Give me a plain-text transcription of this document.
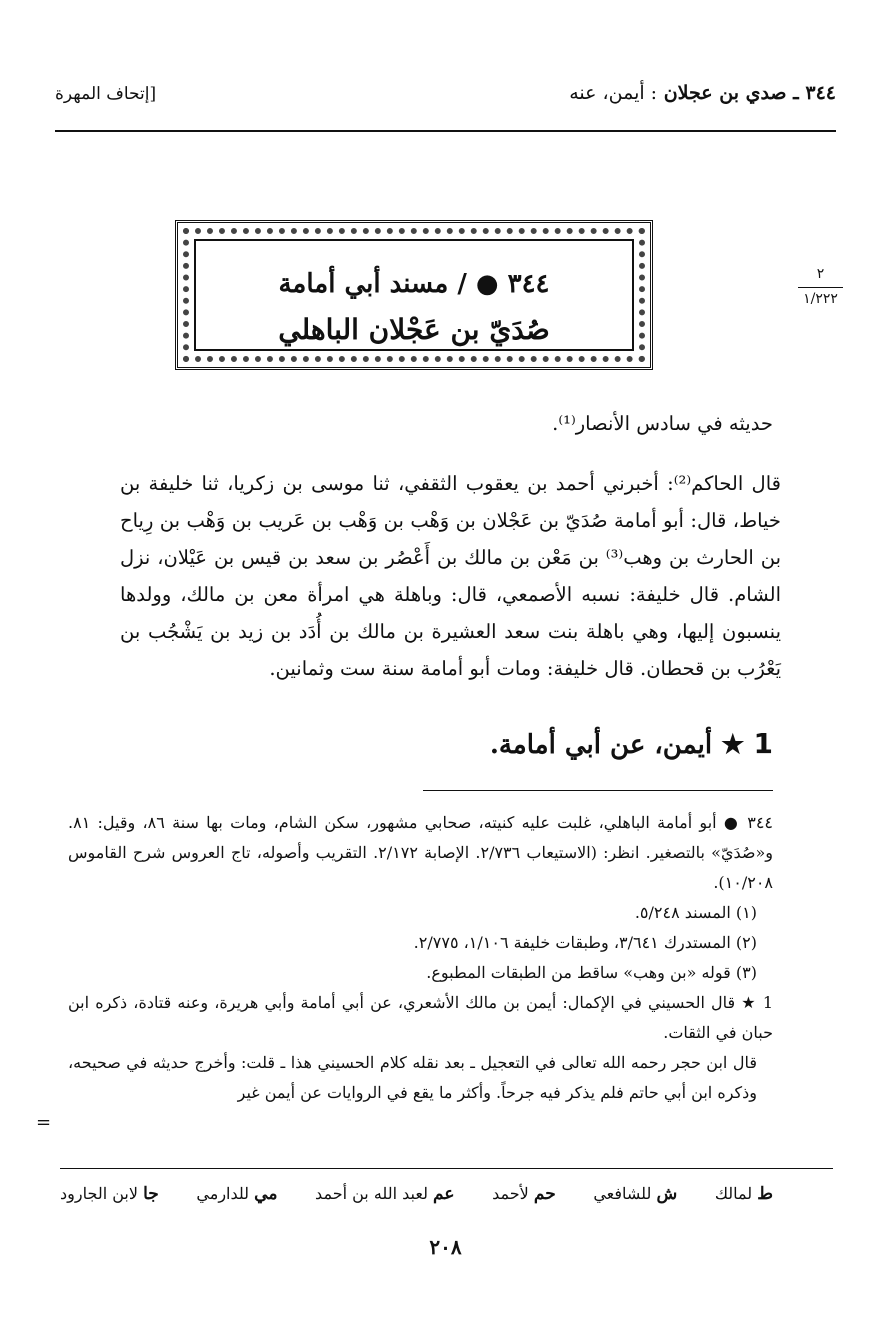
٣٤٤ ـ صدي بن عجلان : أيمن، عنه
[إتحاف المهرة
٢
١/٢٢٢
٣٤٤ ● / مسند أبي أمامة
صُدَيّ بن عَجْلان الباهلي

حديثه في سادس الأنصار⁽¹⁾.

قال الحاكم⁽²⁾: أخبرني أحمد بن يعقوب الثقفي، ثنا موسى بن زكريا، ثنا خليفة بن خياط، قال: أبو أمامة صُدَيّ بن عَجْلان بن وَهْب بن وَهْب بن عَريب بن وَهْب بن رِياح بن الحارث بن وهب⁽³⁾ بن مَعْن بن مالك بن أَعْصُر بن سعد بن قيس بن عَيْلان، نزل الشام. قال خليفة: نسبه الأصمعي، قال: وباهلة هي امرأة معن بن مالك، وولدها ينسبون إليها، وهي باهلة بنت سعد العشيرة بن مالك بن أُدَد بن زيد بن يَشْجُب بن يَعْرُب بن قحطان. قال خليفة: ومات أبو أمامة سنة ست وثمانين.

1 ★ أيمن، عن أبي أمامة.

٣٤٤ ● أبو أمامة الباهلي، غلبت عليه كنيته، صحابي مشهور، سكن الشام، ومات بها سنة ٨٦، وقيل: ٨١. و«صُدَيّ» بالتصغير. انظر: (الاستيعاب ٢/٧٣٦. الإصابة ٢/١٧٢. التقريب وأصوله، تاج العروس شرح القاموس ١٠/٢٠٨).

(١) المسند ٥/٢٤٨.

(٢) المستدرك ٣/٦٤١، وطبقات خليفة ١/١٠٦، ٢/٧٧٥.

(٣) قوله «بن وهب» ساقط من الطبقات المطبوع.

1 ★ قال الحسيني في الإكمال: أيمن بن مالك الأشعري، عن أبي أمامة وأبي هريرة، وعنه قتادة، ذكره ابن حبان في الثقات.

قال ابن حجر رحمه الله تعالى في التعجيل ـ بعد نقله كلام الحسيني هذا ـ قلت: وأخرج حديثه في صحيحه، وذكره ابن أبي حاتم فلم يذكر فيه جرحاً. وأكثر ما يقع في الروايات عن أيمن غير

=
ط لمالك
ش للشافعي
حم لأحمد
عم لعبد الله بن أحمد
مي للدارمي
جا لابن الجارود
٢٠٨
